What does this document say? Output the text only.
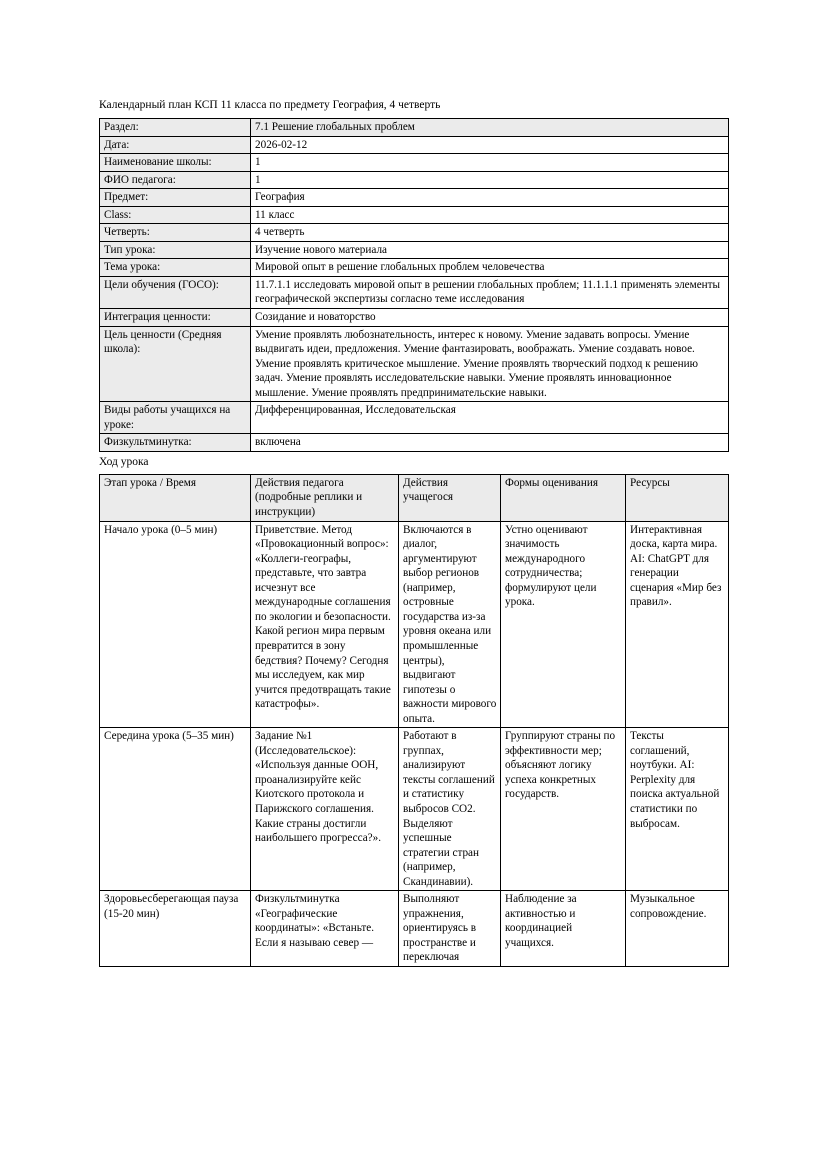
Календарный план КСП 11 класса по предмету География, 4 четверть
Раздел:	7.1 Решение глобальных проблем
Дата:	2026-02-12
Наименование школы:	1
ФИО педагога:	1
Предмет:	География
Class:	11 класс
Четверть:	4 четверть
Тип урока:	Изучение нового материала
Тема урока:	Мировой опыт в решение глобальных проблем человечества
Цели обучения (ГОСО):	11.7.1.1 исследовать мировой опыт в решении глобальных проблем; 11.1.1.1 применять элементы географической экспертизы согласно теме исследования
Интеграция ценности:	Созидание и новаторство
Цель ценности (Средняя школа):	Умение проявлять любознательность, интерес к новому. Умение задавать вопросы. Умение выдвигать идеи, предложения. Умение фантазировать, воображать. Умение создавать новое. Умение проявлять критическое мышление. Умение проявлять творческий подход к решению задач. Умение проявлять исследовательские навыки. Умение проявлять инновационное мышление. Умение проявлять предпринимательские навыки.
Виды работы учащихся на уроке:	Дифференцированная, Исследовательская
Физкультминутка:	включена
Ход урока
Этап урока / Время	Действия педагога (подробные реплики и инструкции)	Действия учащегося	Формы оценивания	Ресурсы
Начало урока (0–5 мин)	Приветствие. Метод «Провокационный вопрос»: «Коллеги-географы, представьте, что завтра исчезнут все международные соглашения по экологии и безопасности. Какой регион мира первым превратится в зону бедствия? Почему? Сегодня мы исследуем, как мир учится предотвращать такие катастрофы».	Включаются в диалог, аргументируют выбор регионов (например, островные государства из-за уровня океана или промышленные центры), выдвигают гипотезы о важности мирового опыта.	Устно оценивают значимость международного сотрудничества; формулируют цели урока.	Интерактивная доска, карта мира. AI: ChatGPT для генерации сценария «Мир без правил».
Середина урока (5–35 мин)	Задание №1 (Исследовательское): «Используя данные ООН, проанализируйте кейс Киотского протокола и Парижского соглашения. Какие страны достигли наибольшего прогресса?».	Работают в группах, анализируют тексты соглашений и статистику выбросов CO2. Выделяют успешные стратегии стран (например, Скандинавии).	Группируют страны по эффективности мер; объясняют логику успеха конкретных государств.	Тексты соглашений, ноутбуки. AI: Perplexity для поиска актуальной статистики по выбросам.
Здоровьесберегающая пауза (15-20 мин)	Физкультминутка «Географические координаты»: «Встаньте. Если я называю север —	Выполняют упражнения, ориентируясь в пространстве и переключая	Наблюдение за активностью и координацией учащихся.	Музыкальное сопровождение.
